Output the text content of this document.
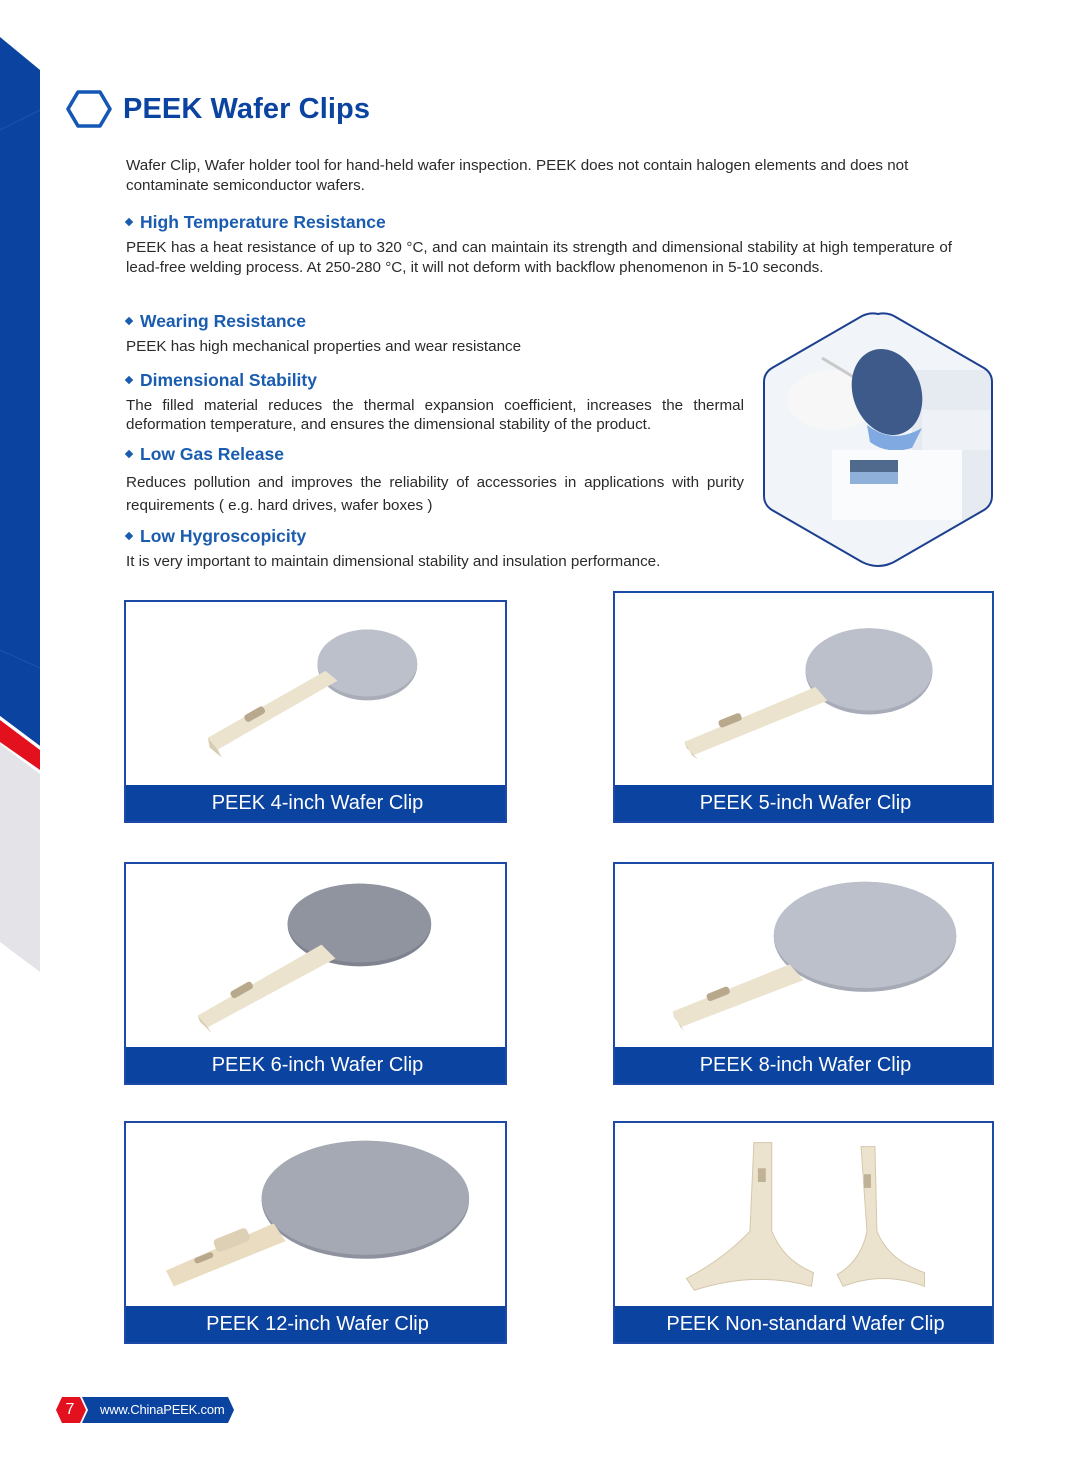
PEEK Wafer Clips
Wafer Clip, Wafer holder tool for hand-held wafer inspection. PEEK does not contain halogen elements and does not contaminate semiconductor wafers.
High Temperature Resistance
PEEK has a heat resistance of up to 320 °C, and can maintain its strength and dimensional stability at high temperature of lead-free welding process. At 250-280 °C, it will not deform with backflow phenomenon in 5-10 seconds.
Wearing Resistance
PEEK has high mechanical properties and wear resistance
Dimensional Stability
The filled material reduces the thermal expansion coefficient, increases the thermal deformation temperature, and ensures the dimensional stability of the product.
Low Gas Release
Reduces pollution and improves the reliability of accessories in applications with purity requirements ( e.g. hard drives, wafer boxes )
Low Hygroscopicity
It is very important to maintain dimensional stability and insulation performance.
PEEK 4-inch Wafer Clip	PEEK 5-inch Wafer Clip
PEEK 6-inch Wafer Clip	PEEK 8-inch Wafer Clip
PEEK 12-inch Wafer Clip	PEEK Non-standard Wafer Clip
7	www.ChinaPEEK.com
